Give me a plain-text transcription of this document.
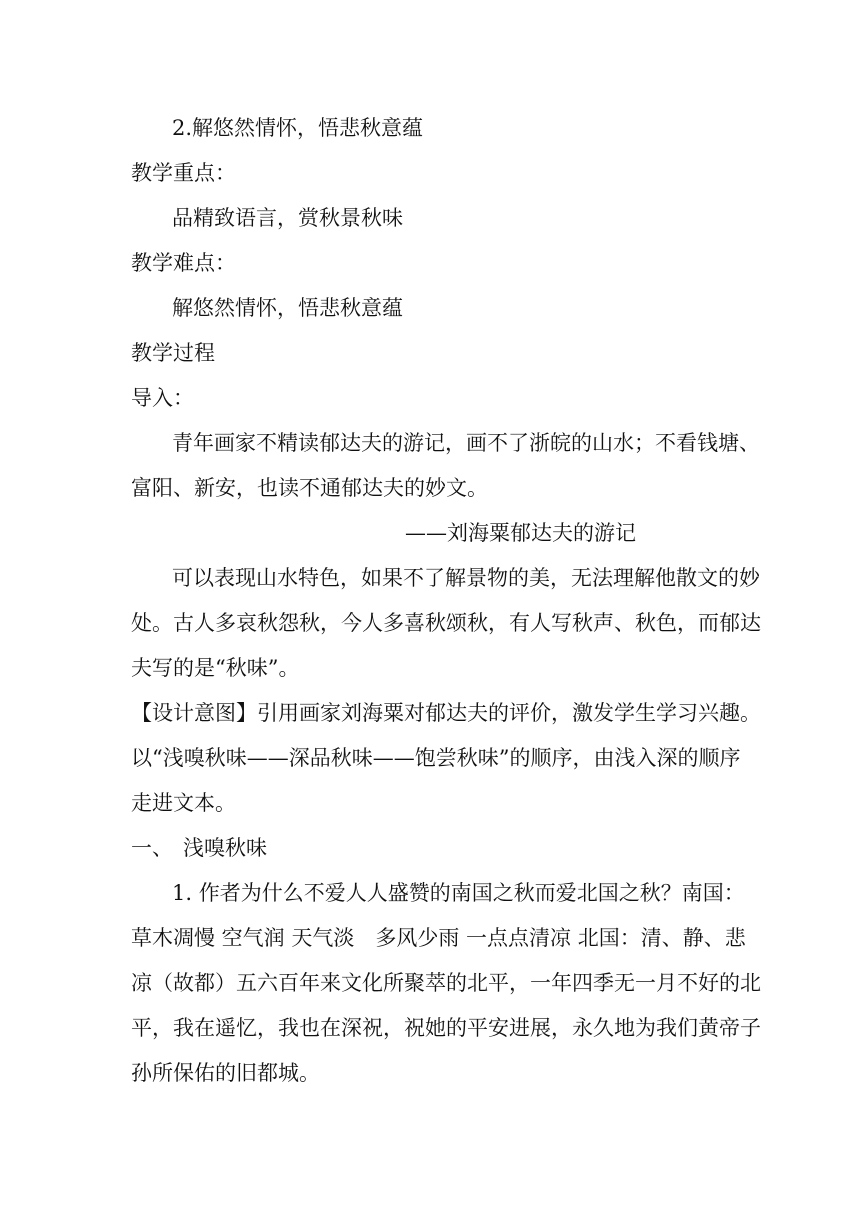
2.解悠然情怀，悟悲秋意蕴
教学重点：
品精致语言，赏秋景秋味
教学难点：
解悠然情怀，悟悲秋意蕴
教学过程
导入：
青年画家不精读郁达夫的游记，画不了浙皖的山水；不看钱塘、
富阳、新安，也读不通郁达夫的妙文。
——刘海粟郁达夫的游记
可以表现山水特色，如果不了解景物的美，无法理解他散文的妙
处。古人多哀秋怨秋，今人多喜秋颂秋，有人写秋声、秋色，而郁达
夫写的是“秋味”。
【设计意图】引用画家刘海粟对郁达夫的评价，激发学生学习兴趣。
以“浅嗅秋味——深品秋味——饱尝秋味”的顺序，由浅入深的顺序
走进文本。
一、 浅嗅秋味
1. 作者为什么不爱人人盛赞的南国之秋而爱北国之秋？南国：
草木凋慢 空气润 天气淡　多风少雨 一点点清凉 北国：清、静、悲
凉（故都）五六百年来文化所聚萃的北平，一年四季无一月不好的北
平，我在遥忆，我也在深祝，祝她的平安进展，永久地为我们黄帝子
孙所保佑的旧都城。
